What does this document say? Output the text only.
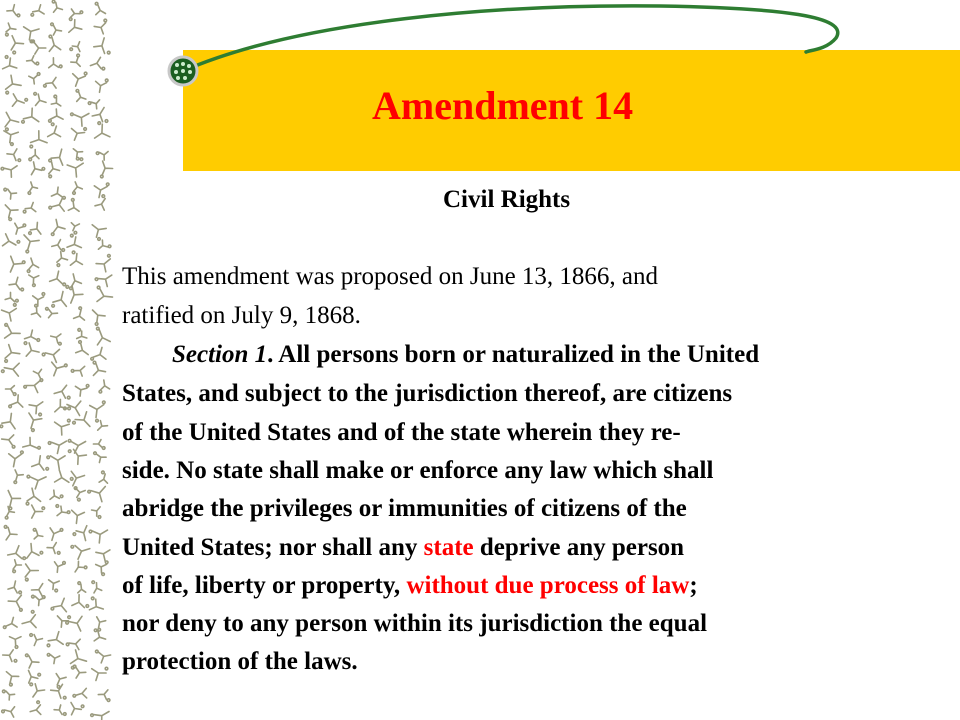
Amendment 14
Civil Rights
This amendment was proposed on June 13, 1866, and
ratified on July 9, 1868.
Section 1. All persons born or naturalized in the United
States, and subject to the jurisdiction thereof, are citizens
of the United States and of the state wherein they re-
side. No state shall make or enforce any law which shall
abridge the privileges or immunities of citizens of the
United States; nor shall any state deprive any person
of life, liberty or property, without due process of law;
nor deny to any person within its jurisdiction the equal
protection of the laws.
